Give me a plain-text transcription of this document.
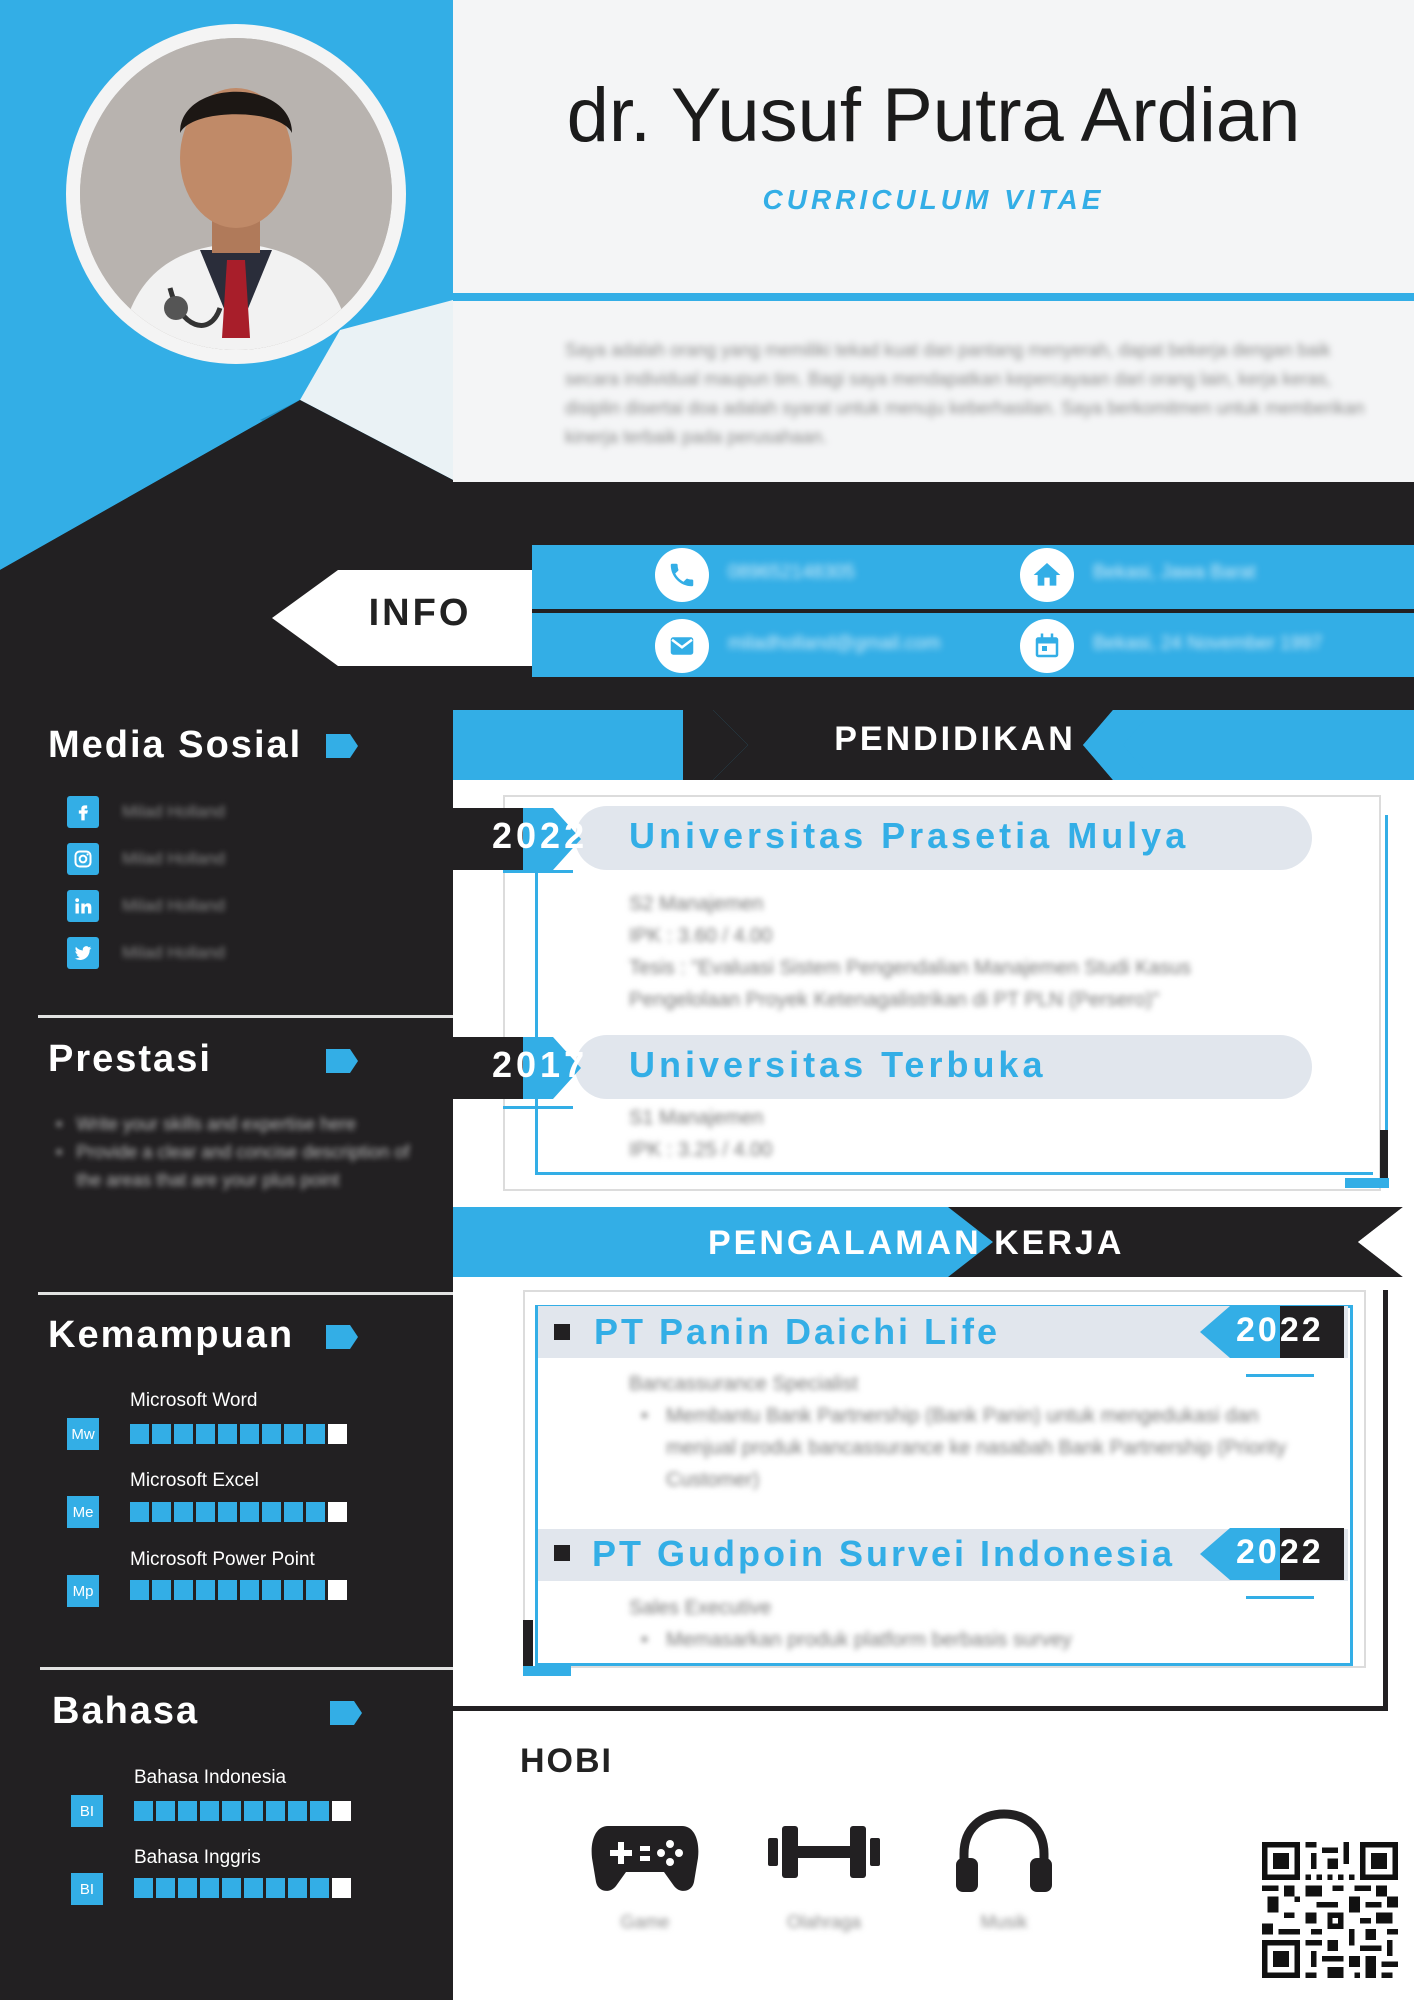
dr. Yusuf Putra Ardian
CURRICULUM VITAE
Saya adalah orang yang memiliki tekad kuat dan pantang menyerah, dapat bekerja dengan baik secara individual maupun tim. Bagi saya mendapatkan kepercayaan dari orang lain, kerja keras, disiplin disertai doa adalah syarat untuk menuju keberhasilan. Saya berkomitmen untuk memberikan kinerja terbaik pada perusahaan.
INFO
089652148305	Bekasi, Jawa Barat
miladholland@gmail.com	Bekasi, 24 November 1997
Media Sosial
Milad Holland
Milad Holland
Milad Holland
Milad Holland
Prestasi
• Write your skills and expertise here
• Provide a clear and concise description of the areas that are your plus point
Kemampuan
Microsoft Word
Mw
Microsoft Excel
Me
Microsoft Power Point
Mp
Bahasa
Bahasa Indonesia
BI
Bahasa Inggris
BI
PENDIDIKAN
2022 Universitas Prasetia Mulya
S2 Manajemen
IPK : 3.60 / 4.00
Tesis : "Evaluasi Sistem Pengendalian Manajemen Studi Kasus Pengelolaan Proyek Ketenagalistrikan di PT PLN (Persero)"
2017 Universitas Terbuka
S1 Manajemen
IPK : 3.25 / 4.00
PENGALAMAN KERJA
PT Panin Daichi Life	2022
Bancassurance Specialist
• Membantu Bank Partnership (Bank Panin) untuk mengedukasi dan menjual produk bancassurance ke nasabah Bank Partnership (Priority Customer)
PT Gudpoin Survei Indonesia 2022
Sales Executive
• Memasarkan produk platform berbasis survey
HOBI
Game	Olahraga	Musik
